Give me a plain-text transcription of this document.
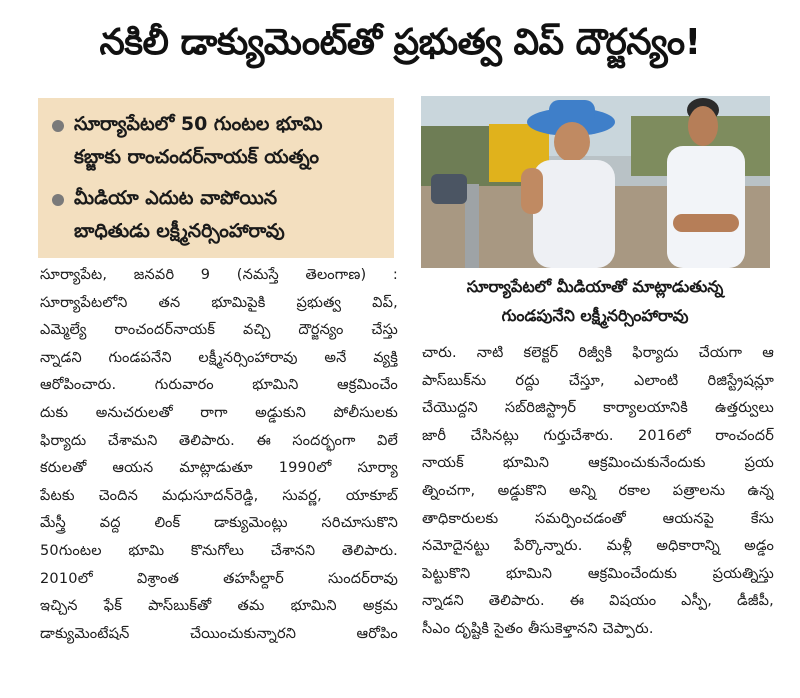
నకిలీ డాక్యుమెంట్‌తో ప్రభుత్వ విప్ దౌర్జన్యం!
సూర్యాపేటలో 50 గుంటల భూమి
కబ్జాకు రాంచందర్‌నాయక్ యత్నం
మీడియా ఎదుట వాపోయిన
బాధితుడు లక్ష్మీనర్సింహారావు
సూర్యాపేటలో మీడియాతో మాట్లాడుతున్న
గుండపునేని లక్ష్మీనర్సింహారావు
సూర్యాపేట, జనవరి 9 (నమస్తే తెలంగాణ) :
సూర్యాపేటలోని తన భూమిపైకి ప్రభుత్వ విప్,
ఎమ్మెల్యే రాంచందర్‌నాయక్ వచ్చి దౌర్జన్యం చేస్తు
న్నాడని గుండపనేని లక్ష్మీనర్సింహారావు అనే వ్యక్తి
ఆరోపించారు. గురువారం భూమిని ఆక్రమించేం
దుకు అనుచరులతో రాగా అడ్డుకుని పోలీసులకు
ఫిర్యాదు చేశామని తెలిపారు. ఈ సందర్భంగా విలే
కరులతో ఆయన మాట్లాడుతూ 1990లో సూర్యా
పేటకు చెందిన మధుసూదన్‌రెడ్డి, సువర్ణ, యాకూబ్
మేస్త్రీ వద్ద లింక్ డాక్యుమెంట్లు సరిచూసుకొని
50గుంటల భూమి కొనుగోలు చేశానని తెలిపారు.
2010లో విశ్రాంత తహసీల్దార్ సుందర్‌రావు
ఇచ్చిన ఫేక్ పాస్‌బుక్‌తో తమ భూమిని అక్రమ
డాక్యుమెంటేషన్ చేయించుకున్నారని ఆరోపిం
చారు. నాటి కలెక్టర్ రిజ్వీకి ఫిర్యాదు చేయగా ఆ
పాస్‌బుక్‌ను రద్దు చేస్తూ, ఎలాంటి రిజిస్ట్రేషన్లూ
చేయొద్దని సబ్‌రిజిస్ట్రార్ కార్యాలయానికి ఉత్తర్వులు
జారీ చేసినట్లు గుర్తుచేశారు. 2016లో రాంచందర్
నాయక్ భూమిని ఆక్రమించుకునేందుకు ప్రయ
త్నించగా, అడ్డుకొని అన్ని రకాల పత్రాలను ఉన్న
తాధికారులకు సమర్పించడంతో ఆయనపై కేసు
నమోదైనట్టు పేర్కొన్నారు. మళ్లీ అధికారాన్ని అడ్డం
పెట్టుకొని భూమిని ఆక్రమించేందుకు ప్రయత్నిస్తు
న్నాడని తెలిపారు. ఈ విషయం ఎస్పీ, డీజీపీ,
సీఎం దృష్టికి సైతం తీసుకెళ్తానని చెప్పారు.
